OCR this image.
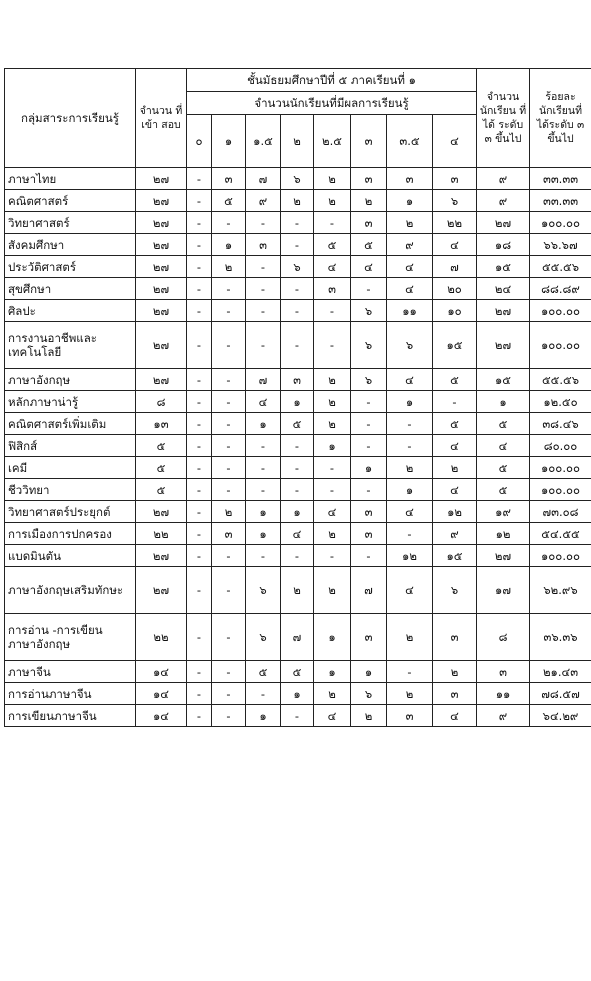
กลุ่มสาระการเรียนรู้	จำนวน ที่เข้า สอบ	ชั้นมัธยมศึกษาปีที่ ๕ ภาคเรียนที่ ๑								จำนวน นักเรียน ที่ได้ ระดับ ๓ ขึ้นไป	ร้อยละ นักเรียนที่ ได้ระดับ ๓ ขึ้นไป
		จำนวนนักเรียนที่มีผลการเรียนรู้									
		๐	๑	๑.๕	๒	๒.๕	๓	๓.๕	๔		
ภาษาไทย	๒๗	-	๓	๗	๖	๒	๓	๓	๓	๙	๓๓.๓๓
คณิตศาสตร์	๒๗	-	๕	๙	๒	๒	๒	๑	๖	๙	๓๓.๓๓
วิทยาศาสตร์	๒๗	-	-	-	-	-	๓	๒	๒๒	๒๗	๑๐๐.๐๐
สังคมศึกษา	๒๗	-	๑	๓	-	๕	๕	๙	๔	๑๘	๖๖.๖๗
ประวัติศาสตร์	๒๗	-	๒	-	๖	๔	๔	๔	๗	๑๕	๕๕.๕๖
สุขศึกษา	๒๗	-	-	-	-	๓	-	๔	๒๐	๒๔	๘๘.๘๙
ศิลปะ	๒๗	-	-	-	-	-	๖	๑๑	๑๐	๒๗	๑๐๐.๐๐
การงานอาชีพและเทคโนโลยี	๒๗	-	-	-	-	-	๖	๖	๑๕	๒๗	๑๐๐.๐๐
ภาษาอังกฤษ	๒๗	-	-	๗	๓	๒	๖	๔	๕	๑๕	๕๕.๕๖
หลักภาษาน่ารู้	๘	-	-	๔	๑	๒	-	๑	-	๑	๑๒.๕๐
คณิตศาสตร์เพิ่มเติม	๑๓	-	-	๑	๕	๒	-	-	๕	๕	๓๘.๔๖
ฟิสิกส์	๕	-	-	-	-	๑	-	-	๔	๔	๘๐.๐๐
เคมี	๕	-	-	-	-	-	๑	๒	๒	๕	๑๐๐.๐๐
ชีววิทยา	๕	-	-	-	-	-	-	๑	๔	๕	๑๐๐.๐๐
วิทยาศาสตร์ประยุกต์	๒๗	-	๒	๑	๑	๔	๓	๔	๑๒	๑๙	๗๓.๐๘
การเมืองการปกครอง	๒๒	-	๓	๑	๔	๒	๓	-	๙	๑๒	๕๔.๕๕
แบดมินตัน	๒๗	-	-	-	-	-	-	๑๒	๑๕	๒๗	๑๐๐.๐๐
ภาษาอังกฤษเสริมทักษะ	๒๗	-	-	๖	๒	๒	๗	๔	๖	๑๗	๖๒.๙๖
การอ่าน -การเขียน ภาษาอังกฤษ	๒๒	-	-	๖	๗	๑	๓	๒	๓	๘	๓๖.๓๖
ภาษาจีน	๑๔	-	-	๕	๕	๑	๑	-	๒	๓	๒๑.๔๓
การอ่านภาษาจีน	๑๔	-	-	-	๑	๒	๖	๒	๓	๑๑	๗๘.๕๗
การเขียนภาษาจีน	๑๔	-	-	๑	-	๔	๒	๓	๔	๙	๖๔.๒๙
